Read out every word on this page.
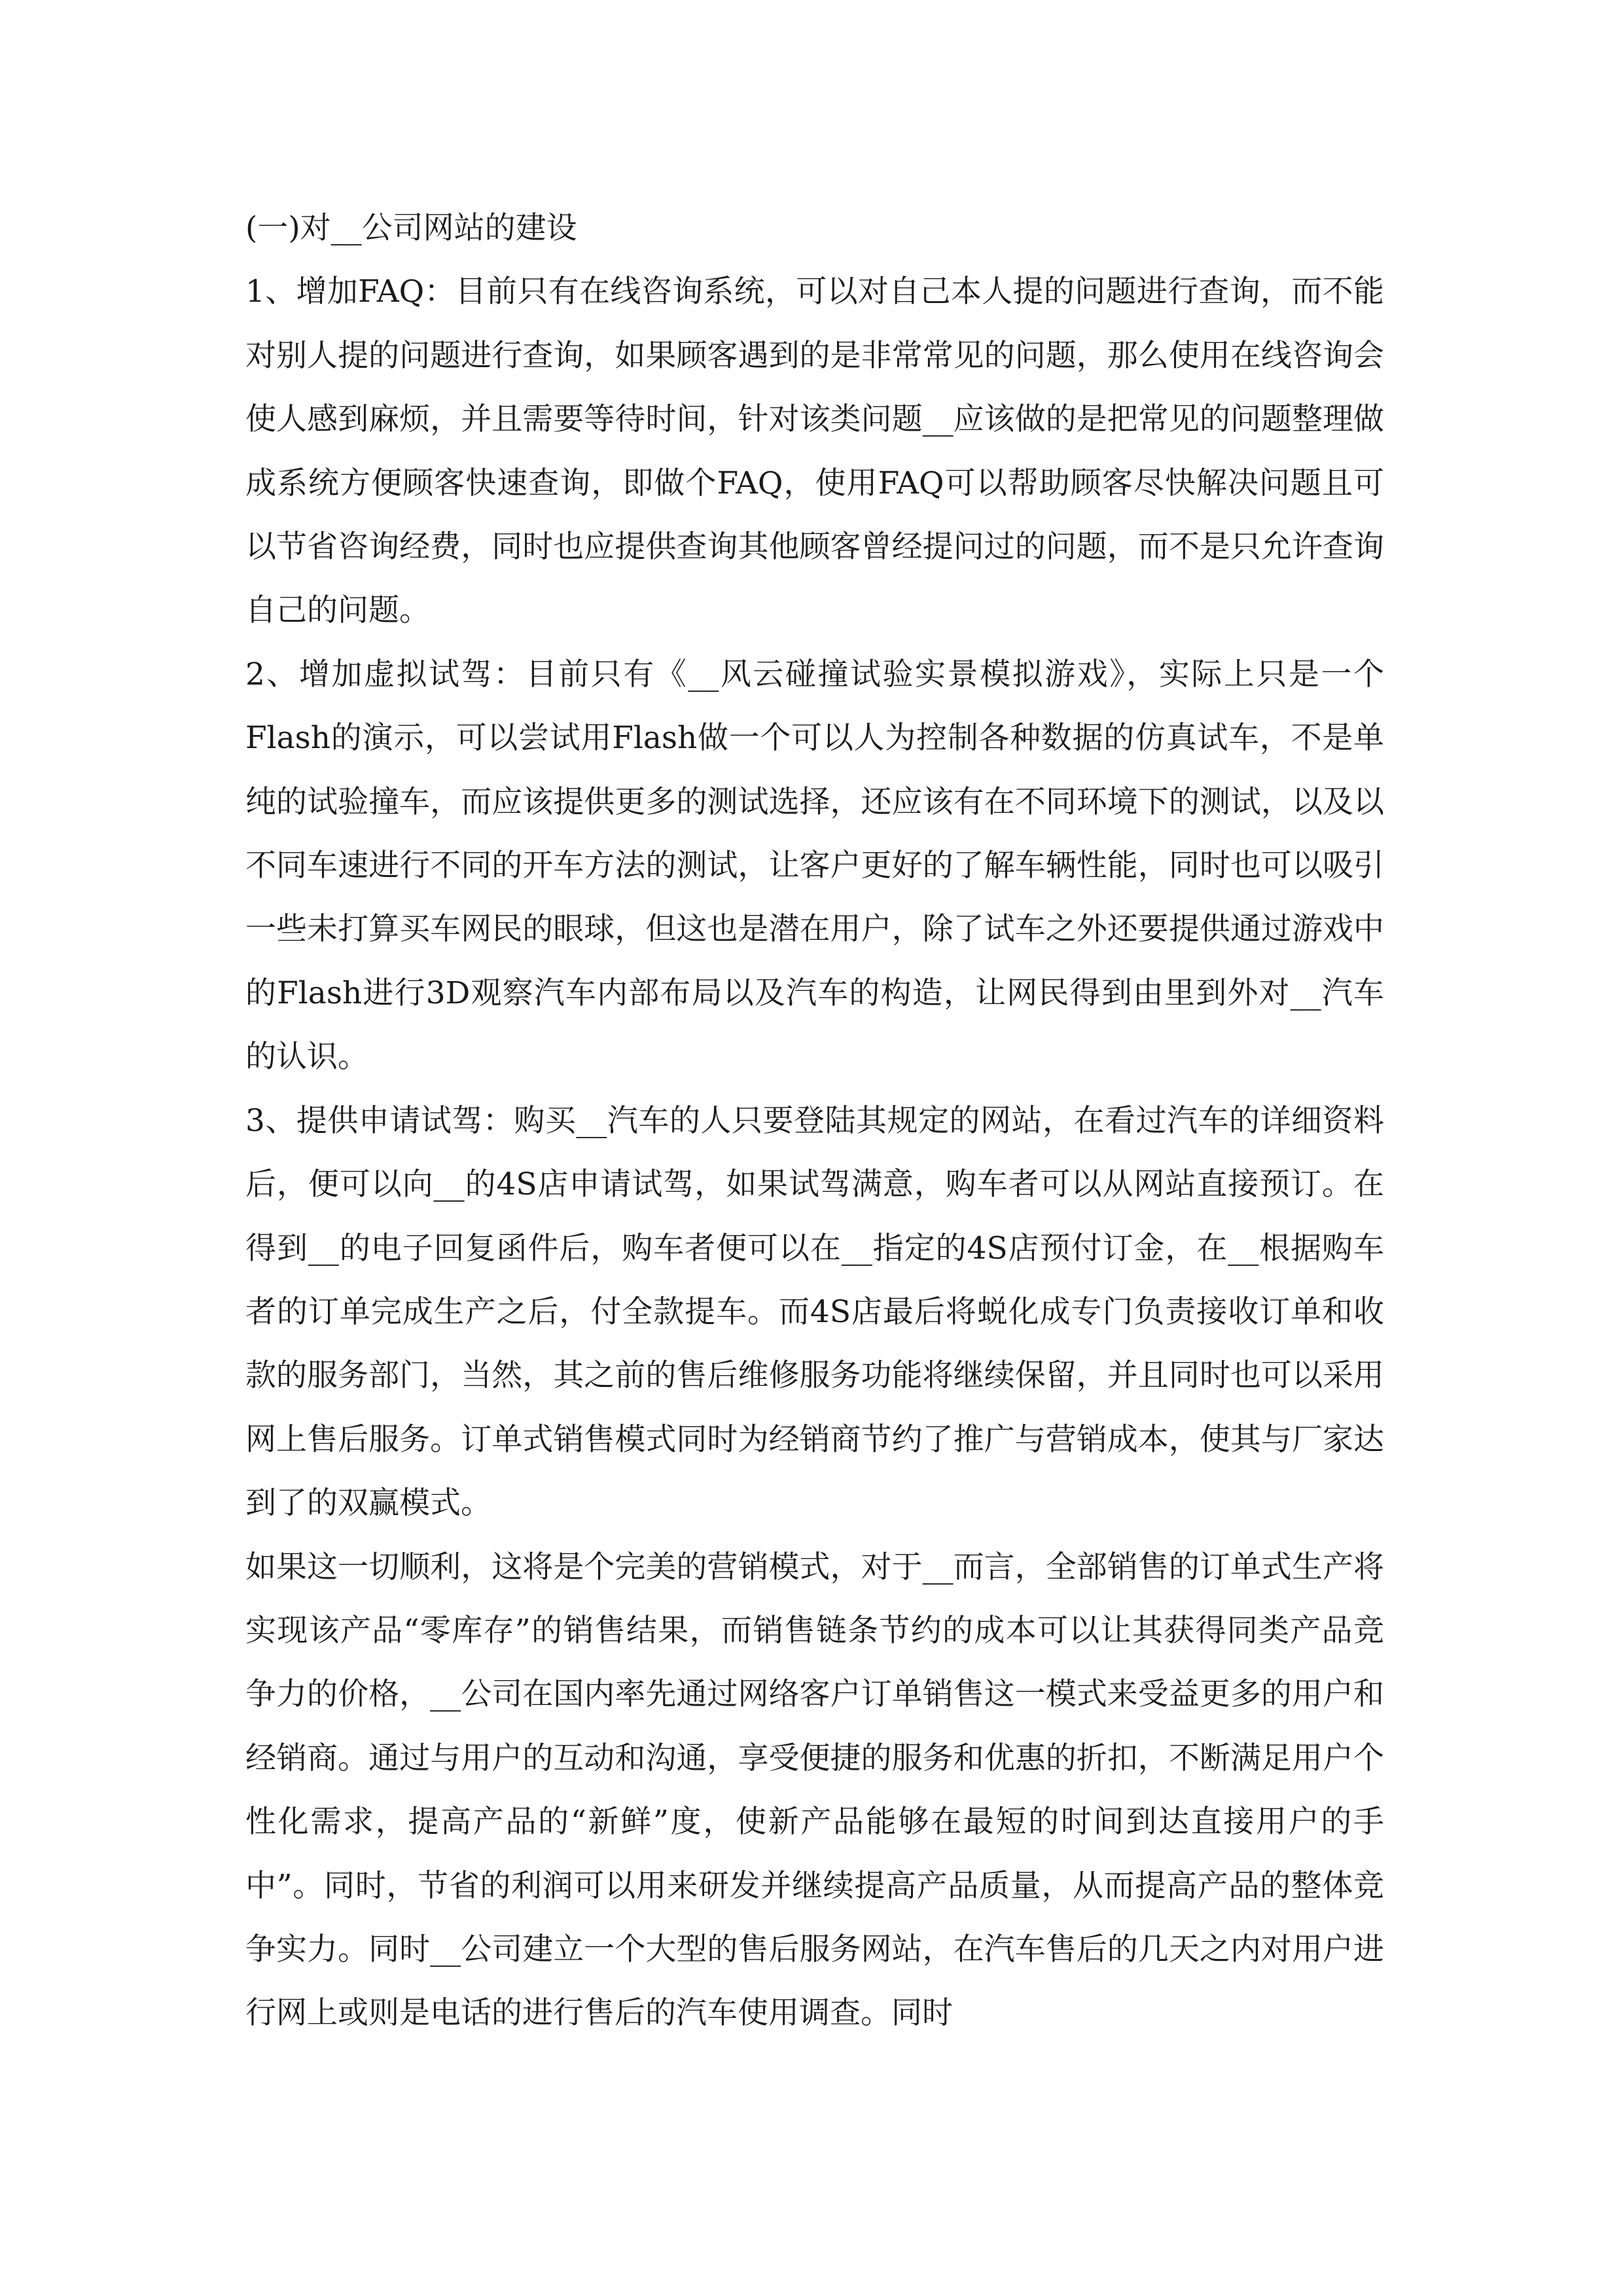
(一)对__公司网站的建设

1、增加FAQ：目前只有在线咨询系统，可以对自己本人提的问题进行查询，而不能对别人提的问题进行查询，如果顾客遇到的是非常常见的问题，那么使用在线咨询会使人感到麻烦，并且需要等待时间，针对该类问题__应该做的是把常见的问题整理做成系统方便顾客快速查询，即做个FAQ，使用FAQ可以帮助顾客尽快解决问题且可以节省咨询经费，同时也应提供查询其他顾客曾经提问过的问题，而不是只允许查询自己的问题。

2、增加虚拟试驾：目前只有《__风云碰撞试验实景模拟游戏》，实际上只是一个Flash的演示，可以尝试用Flash做一个可以人为控制各种数据的仿真试车，不是单纯的试验撞车，而应该提供更多的测试选择，还应该有在不同环境下的测试，以及以不同车速进行不同的开车方法的测试，让客户更好的了解车辆性能，同时也可以吸引一些未打算买车网民的眼球，但这也是潜在用户，除了试车之外还要提供通过游戏中的Flash进行3D观察汽车内部布局以及汽车的构造，让网民得到由里到外对__汽车的认识。

3、提供申请试驾：购买__汽车的人只要登陆其规定的网站，在看过汽车的详细资料后，便可以向__的4S店申请试驾，如果试驾满意，购车者可以从网站直接预订。在得到__的电子回复函件后，购车者便可以在__指定的4S店预付订金，在__根据购车者的订单完成生产之后，付全款提车。而4S店最后将蜕化成专门负责接收订单和收款的服务部门，当然，其之前的售后维修服务功能将继续保留，并且同时也可以采用网上售后服务。订单式销售模式同时为经销商节约了推广与营销成本，使其与厂家达到了的双赢模式。

如果这一切顺利，这将是个完美的营销模式，对于__而言，全部销售的订单式生产将实现该产品“零库存”的销售结果，而销售链条节约的成本可以让其获得同类产品竞争力的价格，__公司在国内率先通过网络客户订单销售这一模式来受益更多的用户和经销商。通过与用户的互动和沟通，享受便捷的服务和优惠的折扣，不断满足用户个性化需求，提高产品的“新鲜”度，使新产品能够在最短的时间到达直接用户的手中”。同时，节省的利润可以用来研发并继续提高产品质量，从而提高产品的整体竞争实力。同时__公司建立一个大型的售后服务网站，在汽车售后的几天之内对用户进行网上或则是电话的进行售后的汽车使用调查。同时
